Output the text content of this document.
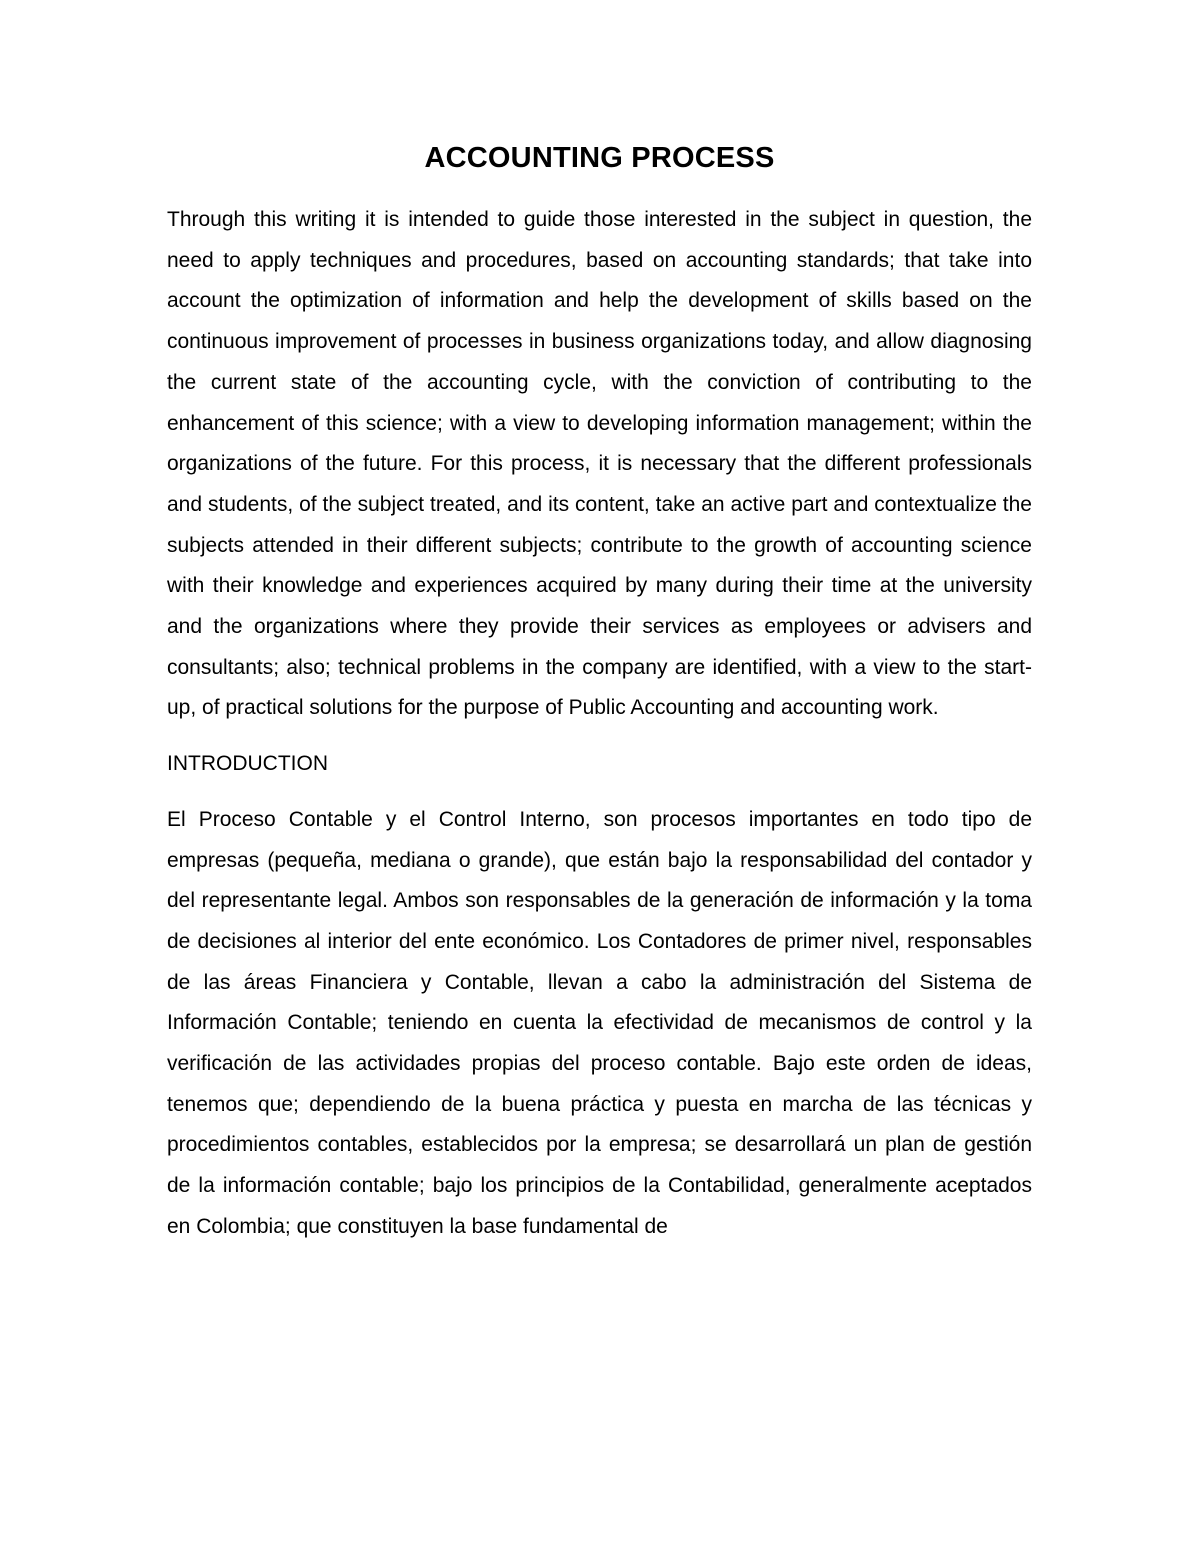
ACCOUNTING PROCESS

Through this writing it is intended to guide those interested in the subject in question, the need to apply techniques and procedures, based on accounting standards; that take into account the optimization of information and help the development of skills based on the continuous improvement of processes in business organizations today, and allow diagnosing the current state of the accounting cycle, with the conviction of contributing to the enhancement of this science; with a view to developing information management; within the organizations of the future. For this process, it is necessary that the different professionals and students, of the subject treated, and its content, take an active part and contextualize the subjects attended in their different subjects; contribute to the growth of accounting science with their knowledge and experiences acquired by many during their time at the university and the organizations where they provide their services as employees or advisers and consultants; also; technical problems in the company are identified, with a view to the start-up, of practical solutions for the purpose of Public Accounting and accounting work.

INTRODUCTION

El Proceso Contable y el Control Interno, son procesos importantes en todo tipo de empresas (pequeña, mediana o grande), que están bajo la responsabilidad del contador y del representante legal. Ambos son responsables de la generación de información y la toma de decisiones al interior del ente económico. Los Contadores de primer nivel, responsables de las áreas Financiera y Contable, llevan a cabo la administración del Sistema de Información Contable; teniendo en cuenta la efectividad de mecanismos de control y la verificación de las actividades propias del proceso contable. Bajo este orden de ideas, tenemos que; dependiendo de la buena práctica y puesta en marcha de las técnicas y procedimientos contables, establecidos por la empresa; se desarrollará un plan de gestión de la información contable; bajo los principios de la Contabilidad, generalmente aceptados en Colombia; que constituyen la base fundamental de
